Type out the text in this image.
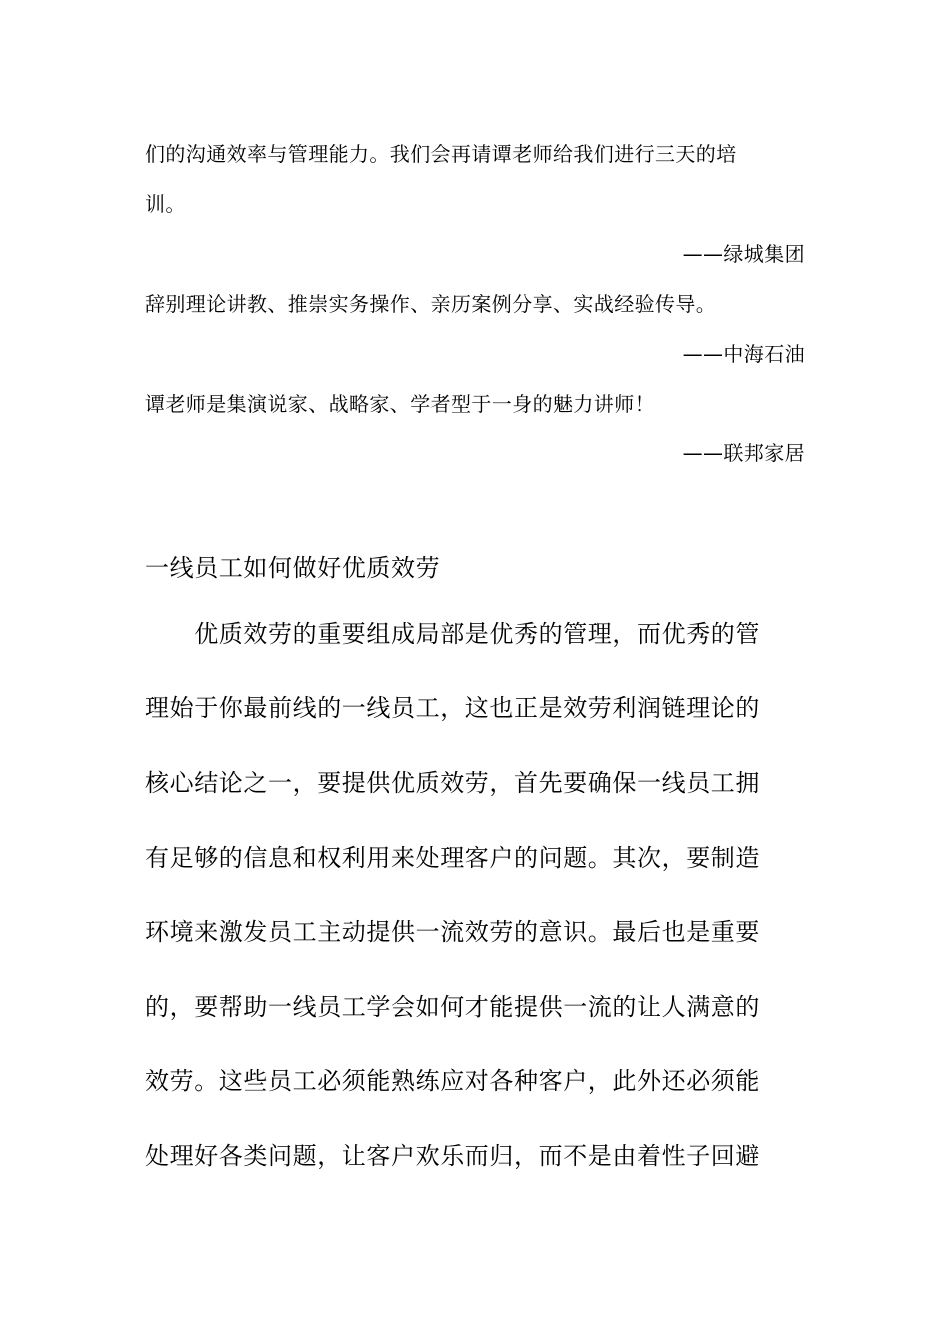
们的沟通效率与管理能力。我们会再请谭老师给我们进行三天的培

训。

——绿城集团

辞别理论讲教、推崇实务操作、亲历案例分享、实战经验传导。

——中海石油

谭老师是集演说家、战略家、学者型于一身的魅力讲师！

——联邦家居

一线员工如何做好优质效劳

　　优质效劳的重要组成局部是优秀的管理，而优秀的管

理始于你最前线的一线员工，这也正是效劳利润链理论的

核心结论之一，要提供优质效劳，首先要确保一线员工拥

有足够的信息和权利用来处理客户的问题。其次，要制造

环境来激发员工主动提供一流效劳的意识。最后也是重要

的，要帮助一线员工学会如何才能提供一流的让人满意的

效劳。这些员工必须能熟练应对各种客户，此外还必须能

处理好各类问题，让客户欢乐而归，而不是由着性子回避
